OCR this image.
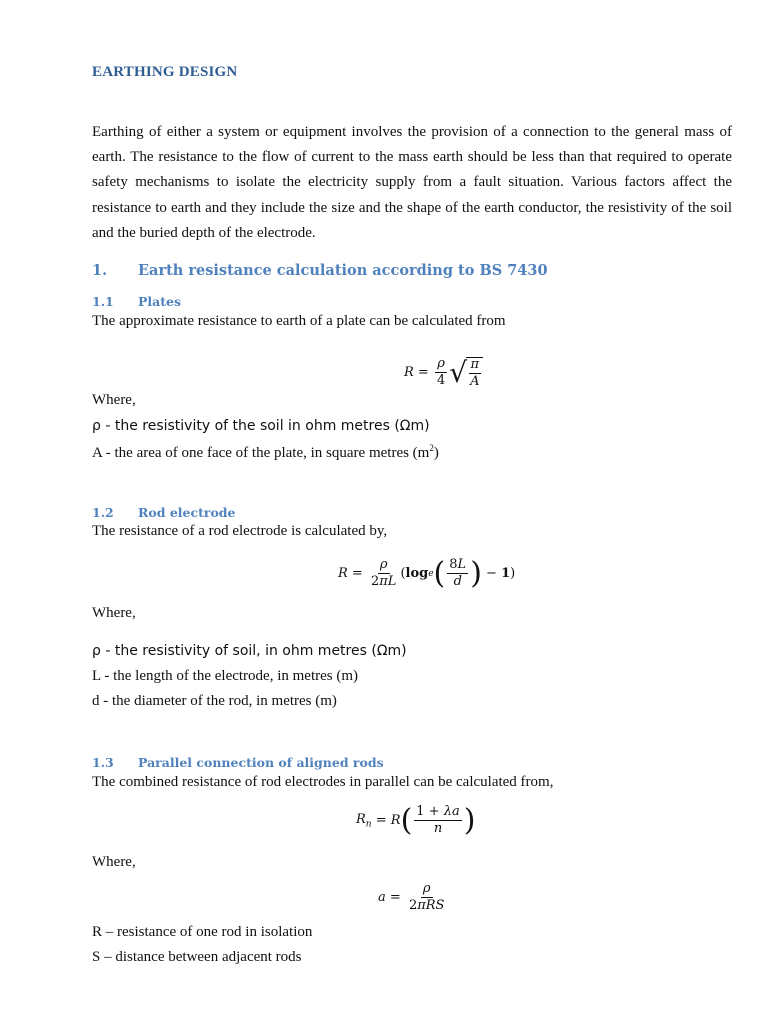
EARTHING DESIGN
Earthing of either a system or equipment involves the provision of a connection to the general mass of earth. The resistance to the flow of current to the mass earth should be less than that required to operate safety mechanisms to isolate the electricity supply from a fault situation. Various factors affect the resistance to earth and they include the size and the shape of the earth conductor, the resistivity of the soil and the buried depth of the electrode.
1. Earth resistance calculation according to BS 7430
1.1 Plates
The approximate resistance to earth of a plate can be calculated from
$R = \frac{\rho}{4}$ √ $\frac{\pi}{A}$
Where,
ρ - the resistivity of the soil in ohm metres (Ωm)
A - the area of one face of the plate, in square metres $(m^2)$
1.2 Rod electrode
The resistance of a rod electrode is calculated by,
$R = \frac{\rho}{2\pi L}$ ( log e ( $\frac{8L}{d}$ ) − 1 )
Where,
ρ - the resistivity of soil, in ohm metres (Ωm)
L - the length of the electrode, in metres (m)
d - the diameter of the rod, in metres (m)
1.3 Parallel connection of aligned rods
The combined resistance of rod electrodes in parallel can be calculated from,
$R_n = R$ ( $\frac{1 + \lambda a}{n}$ )
Where,
$a = \frac{\rho}{\text{2πRS}}$
R – resistance of one rod in isolation
S – distance between adjacent rods
